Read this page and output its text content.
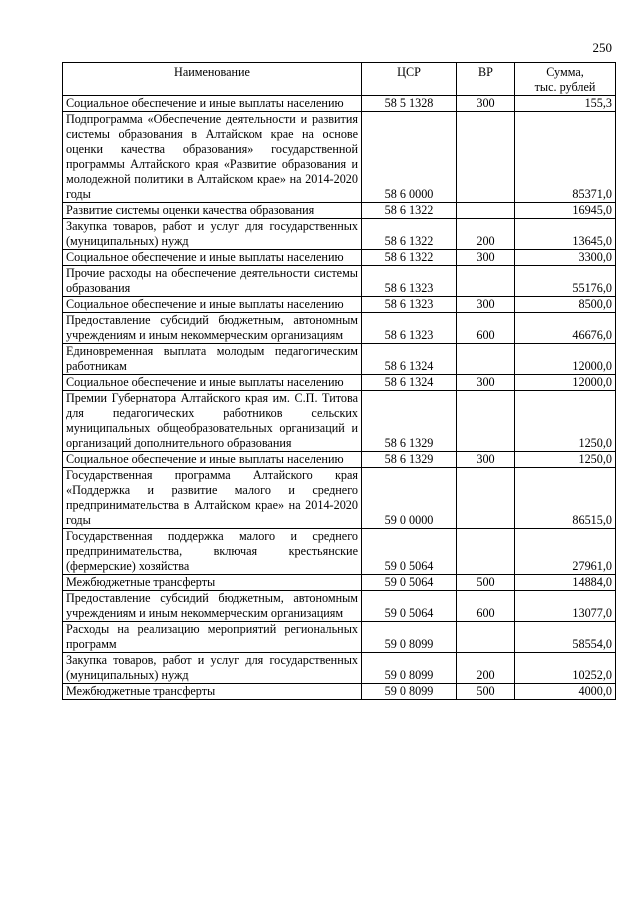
250
Наименование	ЦСР	ВР	Сумма,
тыс. рублей

Социальное обеспечение и иные выплаты населению	58 5 1328	300	155,3
Подпрограмма «Обеспечение деятельности и развития системы образования в Алтайском крае на основе оценки качества образования» государственной программы Алтайского края «Развитие образования и молодежной политики в Алтайском крае» на 2014-2020 годы	58 6 0000		85371,0
Развитие системы оценки качества образования	58 6 1322		16945,0
Закупка товаров, работ и услуг для государственных (муниципальных) нужд	58 6 1322	200	13645,0
Социальное обеспечение и иные выплаты населению	58 6 1322	300	3300,0
Прочие расходы на обеспечение деятельности системы образования	58 6 1323		55176,0
Социальное обеспечение и иные выплаты населению	58 6 1323	300	8500,0
Предоставление субсидий бюджетным, автономным учреждениям и иным некоммерческим организациям	58 6 1323	600	46676,0
Единовременная выплата молодым педагогическим работникам	58 6 1324		12000,0
Социальное обеспечение и иные выплаты населению	58 6 1324	300	12000,0
Премии Губернатора Алтайского края им. С.П. Титова для педагогических работников сельских муниципальных общеобразовательных организаций и организаций дополнительного образования	58 6 1329		1250,0
Социальное обеспечение и иные выплаты населению	58 6 1329	300	1250,0
Государственная программа Алтайского края «Поддержка и развитие малого и среднего предпринимательства в Алтайском крае» на 2014-2020 годы	59 0 0000		86515,0
Государственная поддержка малого и среднего предпринимательства, включая крестьянские (фермерские) хозяйства	59 0 5064		27961,0
Межбюджетные трансферты	59 0 5064	500	14884,0
Предоставление субсидий бюджетным, автономным учреждениям и иным некоммерческим организациям	59 0 5064	600	13077,0
Расходы на реализацию мероприятий региональных программ	59 0 8099		58554,0
Закупка товаров, работ и услуг для государственных (муниципальных) нужд	59 0 8099	200	10252,0
Межбюджетные трансферты	59 0 8099	500	4000,0
